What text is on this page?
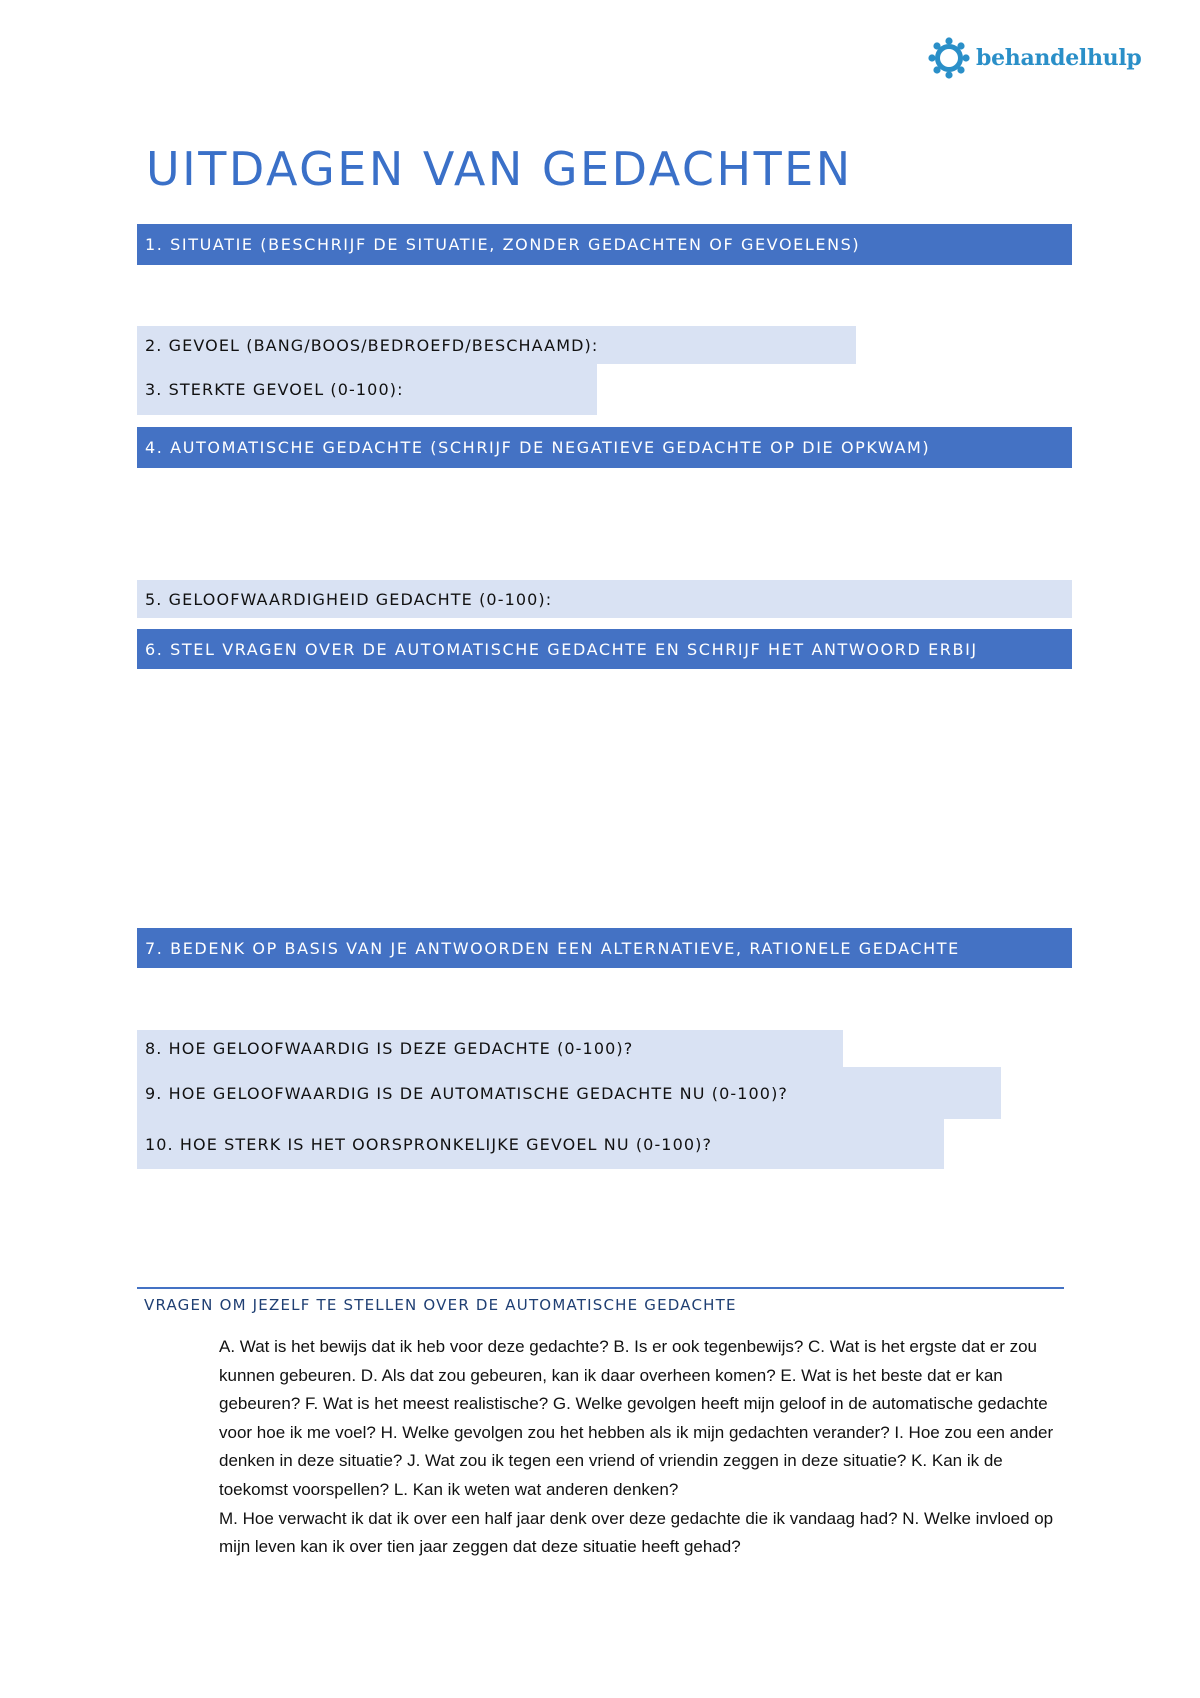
behandelhulp
UITDAGEN VAN GEDACHTEN
1. SITUATIE (BESCHRIJF DE SITUATIE, ZONDER GEDACHTEN OF GEVOELENS)
2. GEVOEL (BANG/BOOS/BEDROEFD/BESCHAAMD):
3. STERKTE GEVOEL (0-100):
4. AUTOMATISCHE GEDACHTE (SCHRIJF DE NEGATIEVE GEDACHTE OP DIE OPKWAM)
5. GELOOFWAARDIGHEID GEDACHTE (0-100):
6. STEL VRAGEN OVER DE AUTOMATISCHE GEDACHTE EN SCHRIJF HET ANTWOORD ERBIJ
7. BEDENK OP BASIS VAN JE ANTWOORDEN EEN ALTERNATIEVE, RATIONELE GEDACHTE
8. HOE GELOOFWAARDIG IS DEZE GEDACHTE (0-100)?
9. HOE GELOOFWAARDIG IS DE AUTOMATISCHE GEDACHTE NU (0-100)?
10. HOE STERK IS HET OORSPRONKELIJKE GEVOEL NU (0-100)?
VRAGEN OM JEZELF TE STELLEN OVER DE AUTOMATISCHE GEDACHTE
A. Wat is het bewijs dat ik heb voor deze gedachte? B. Is er ook tegenbewijs? C. Wat is het ergste dat er zou kunnen gebeuren. D. Als dat zou gebeuren, kan ik daar overheen komen? E. Wat is het beste dat er kan gebeuren? F. Wat is het meest realistische? G. Welke gevolgen heeft mijn geloof in de automatische gedachte voor hoe ik me voel? H. Welke gevolgen zou het hebben als ik mijn gedachten verander? I. Hoe zou een ander denken in deze situatie? J. Wat zou ik tegen een vriend of vriendin zeggen in deze situatie? K. Kan ik de toekomst voorspellen? L. Kan ik weten wat anderen denken?
M. Hoe verwacht ik dat ik over een half jaar denk over deze gedachte die ik vandaag had? N. Welke invloed op mijn leven kan ik over tien jaar zeggen dat deze situatie heeft gehad?
